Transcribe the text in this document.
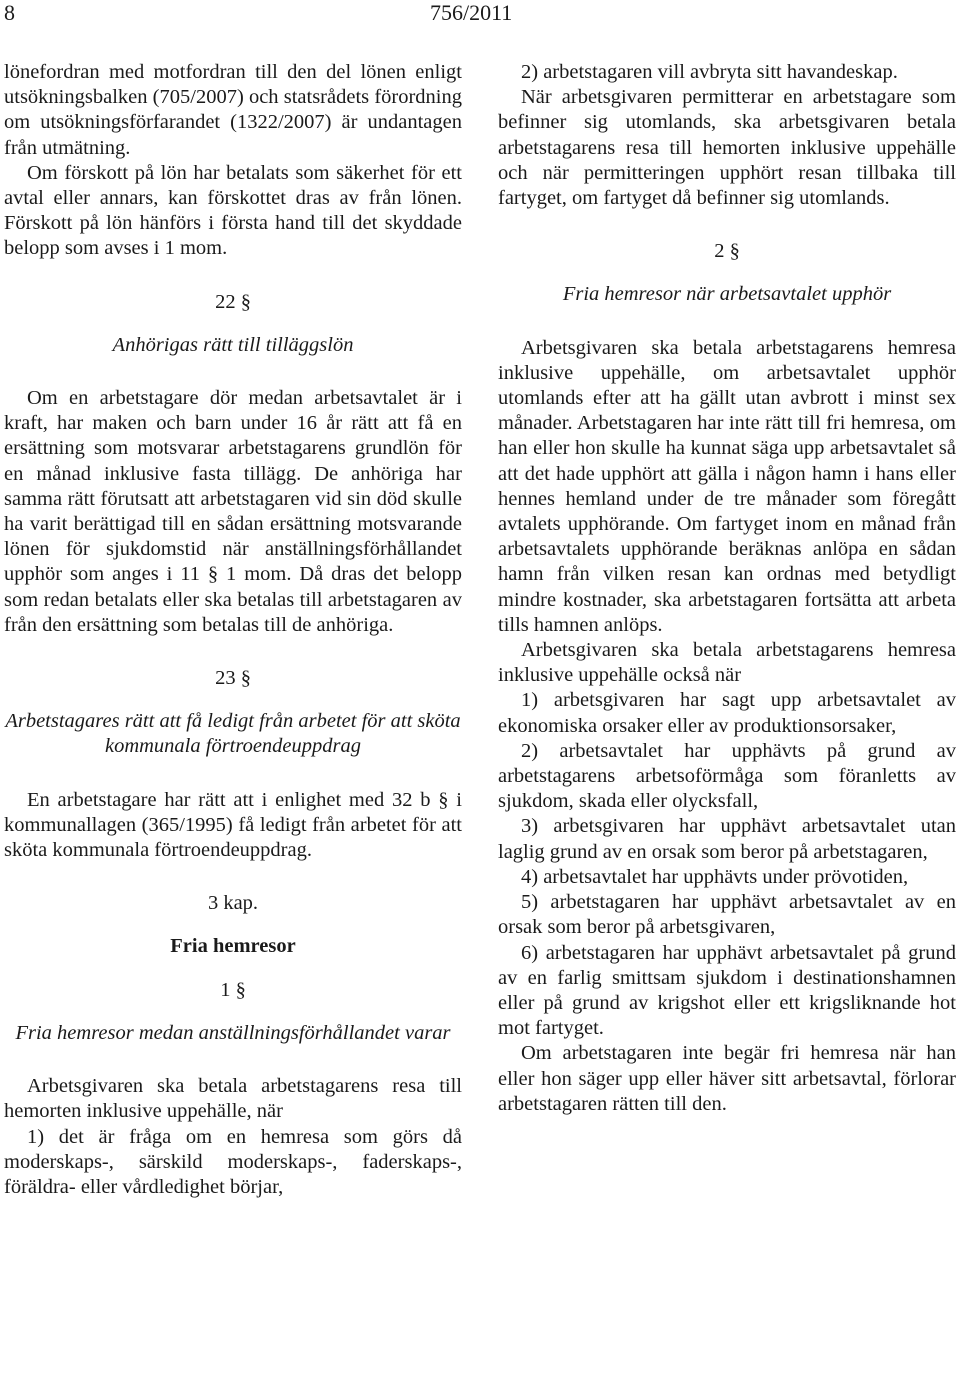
8	756/2011

lönefordran med motfordran till den del lönen enligt utsökningsbalken (705/2007) och statsrådets förordning om utsökningsförfarandet (1322/2007) är undantagen från utmätning.

Om förskott på lön har betalats som säkerhet för ett avtal eller annars, kan förskottet dras av från lönen. Förskott på lön hänförs i första hand till det skyddade belopp som avses i 1 mom.

22 §

Anhörigas rätt till tilläggslön

Om en arbetstagare dör medan arbetsavtalet är i kraft, har maken och barn under 16 år rätt att få en ersättning som motsvarar arbetstagarens grundlön för en månad inklusive fasta tillägg. De anhöriga har samma rätt förutsatt att arbetstagaren vid sin död skulle ha varit berättigad till en sådan ersättning motsvarande lönen för sjukdomstid när anställningsförhållandet upphör som anges i 11 § 1 mom. Då dras det belopp som redan betalats eller ska betalas till arbetstagaren av från den ersättning som betalas till de anhöriga.

23 §

Arbetstagares rätt att få ledigt från arbetet för att sköta kommunala förtroendeuppdrag

En arbetstagare har rätt att i enlighet med 32 b § i kommunallagen (365/1995) få ledigt från arbetet för att sköta kommunala förtroendeuppdrag.

3 kap.

Fria hemresor

1 §

Fria hemresor medan anställningsförhållandet varar

Arbetsgivaren ska betala arbetstagarens resa till hemorten inklusive uppehälle, när

1) det är fråga om en hemresa som görs då moderskaps-, särskild moderskaps-, faderskaps-, föräldra- eller vårdledighet börjar,

2) arbetstagaren vill avbryta sitt havandeskap.

När arbetsgivaren permitterar en arbetstagare som befinner sig utomlands, ska arbetsgivaren betala arbetstagarens resa till hemorten inklusive uppehälle och när permitteringen upphört resan tillbaka till fartyget, om fartyget då befinner sig utomlands.

2 §

Fria hemresor när arbetsavtalet upphör

Arbetsgivaren ska betala arbetstagarens hemresa inklusive uppehälle, om arbetsavtalet upphör utomlands efter att ha gällt utan avbrott i minst sex månader. Arbetstagaren har inte rätt till fri hemresa, om han eller hon skulle ha kunnat säga upp arbetsavtalet så att det hade upphört att gälla i någon hamn i hans eller hennes hemland under de tre månader som föregått avtalets upphörande. Om fartyget inom en månad från arbetsavtalets upphörande beräknas anlöpa en sådan hamn från vilken resan kan ordnas med betydligt mindre kostnader, ska arbetstagaren fortsätta att arbeta tills hamnen anlöps.

Arbetsgivaren ska betala arbetstagarens hemresa inklusive uppehälle också när

1) arbetsgivaren har sagt upp arbetsavtalet av ekonomiska orsaker eller av produktionsorsaker,

2) arbetsavtalet har upphävts på grund av arbetstagarens arbetsoförmåga som föranletts av sjukdom, skada eller olycksfall,

3) arbetsgivaren har upphävt arbetsavtalet utan laglig grund av en orsak som beror på arbetstagaren,

4) arbetsavtalet har upphävts under prövotiden,

5) arbetstagaren har upphävt arbetsavtalet av en orsak som beror på arbetsgivaren,

6) arbetstagaren har upphävt arbetsavtalet på grund av en farlig smittsam sjukdom i destinationshamnen eller på grund av krigshot eller ett krigsliknande hot mot fartyget.

Om arbetstagaren inte begär fri hemresa när han eller hon säger upp eller häver sitt arbetsavtal, förlorar arbetstagaren rätten till den.
